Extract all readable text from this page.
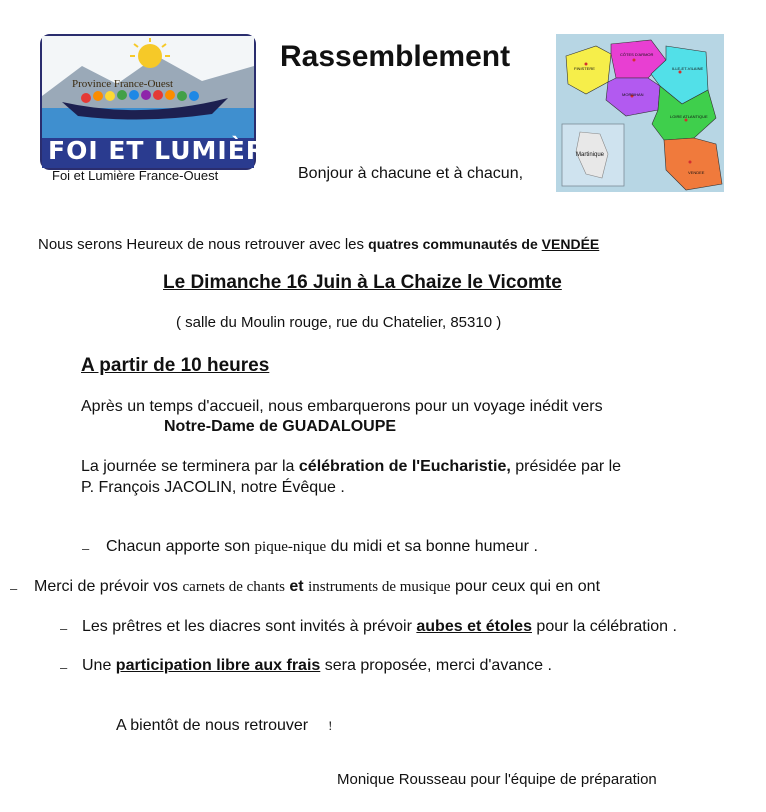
Province France-Ouest
FOI ET LUMIÈRE
Foi et Lumière France-Ouest
Rassemblement
Bonjour à chacune et à chacun,
FINISTERE
CÔTES D'ARMOR
ILLE-ET-VILAINE
MORBIHAN
LOIRE ATLANTIQUE
VENDEE
Martinique
Nous serons Heureux de nous retrouver avec les quatres communautés de VENDÉE
Le Dimanche 16 Juin à La Chaize le Vicomte
( salle du Moulin rouge, rue du Chatelier, 85310 )
A partir de 10 heures
Après un temps d'accueil, nous embarquerons pour un voyage inédit vers
Notre-Dame de GUADALOUPE
La journée se terminera par la célébration de l'Eucharistie, présidée par le
P. François JACOLIN, notre Évêque .
– Chacun apporte son pique-nique du midi et sa bonne humeur .
– Merci de prévoir vos carnets de chants et instruments de musique pour ceux qui en ont
– Les prêtres et les diacres sont invités à prévoir aubes et étoles pour la célébration .
– Une participation libre aux frais sera proposée, merci d'avance .
A bientôt de nous retrouver !
Monique Rousseau pour l'équipe de préparation
